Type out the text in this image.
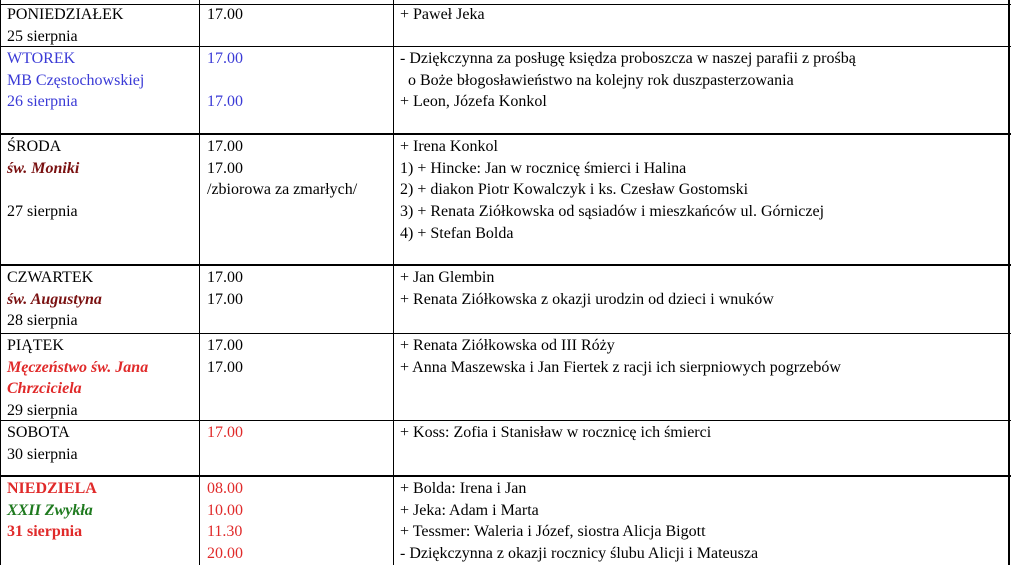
PONIEDZIAŁEK
25 sierpnia
17.00	+ Paweł Jeka
WTOREK
MB Częstochowskiej
26 sierpnia
17.00
17.00
- Dziękczynna za posługę księdza proboszcza w naszej parafii z prośbą
o Boże błogosławieństwo na kolejny rok duszpasterzowania
+ Leon, Józefa Konkol
ŚRODA
św. Moniki
27 sierpnia
17.00
17.00
/zbiorowa za zmarłych/
+ Irena Konkol
1) + Hincke: Jan w rocznicę śmierci i Halina
2) + diakon Piotr Kowalczyk i ks. Czesław Gostomski
3) + Renata Ziółkowska od sąsiadów i mieszkańców ul. Górniczej
4) + Stefan Bolda
CZWARTEK
św. Augustyna
28 sierpnia
17.00
17.00
+ Jan Glembin
+ Renata Ziółkowska z okazji urodzin od dzieci i wnuków
PIĄTEK
Męczeństwo św. Jana
Chrzciciela
29 sierpnia
17.00
17.00
+ Renata Ziółkowska od III Róży
+ Anna Maszewska i Jan Fiertek z racji ich sierpniowych pogrzebów
SOBOTA
30 sierpnia
17.00	+ Koss: Zofia i Stanisław w rocznicę ich śmierci
NIEDZIELA
XXII Zwykła
31 sierpnia
08.00
10.00
11.30
20.00
+ Bolda: Irena i Jan
+ Jeka: Adam i Marta
+ Tessmer: Waleria i Józef, siostra Alicja Bigott
- Dziękczynna z okazji rocznicy ślubu Alicji i Mateusza
